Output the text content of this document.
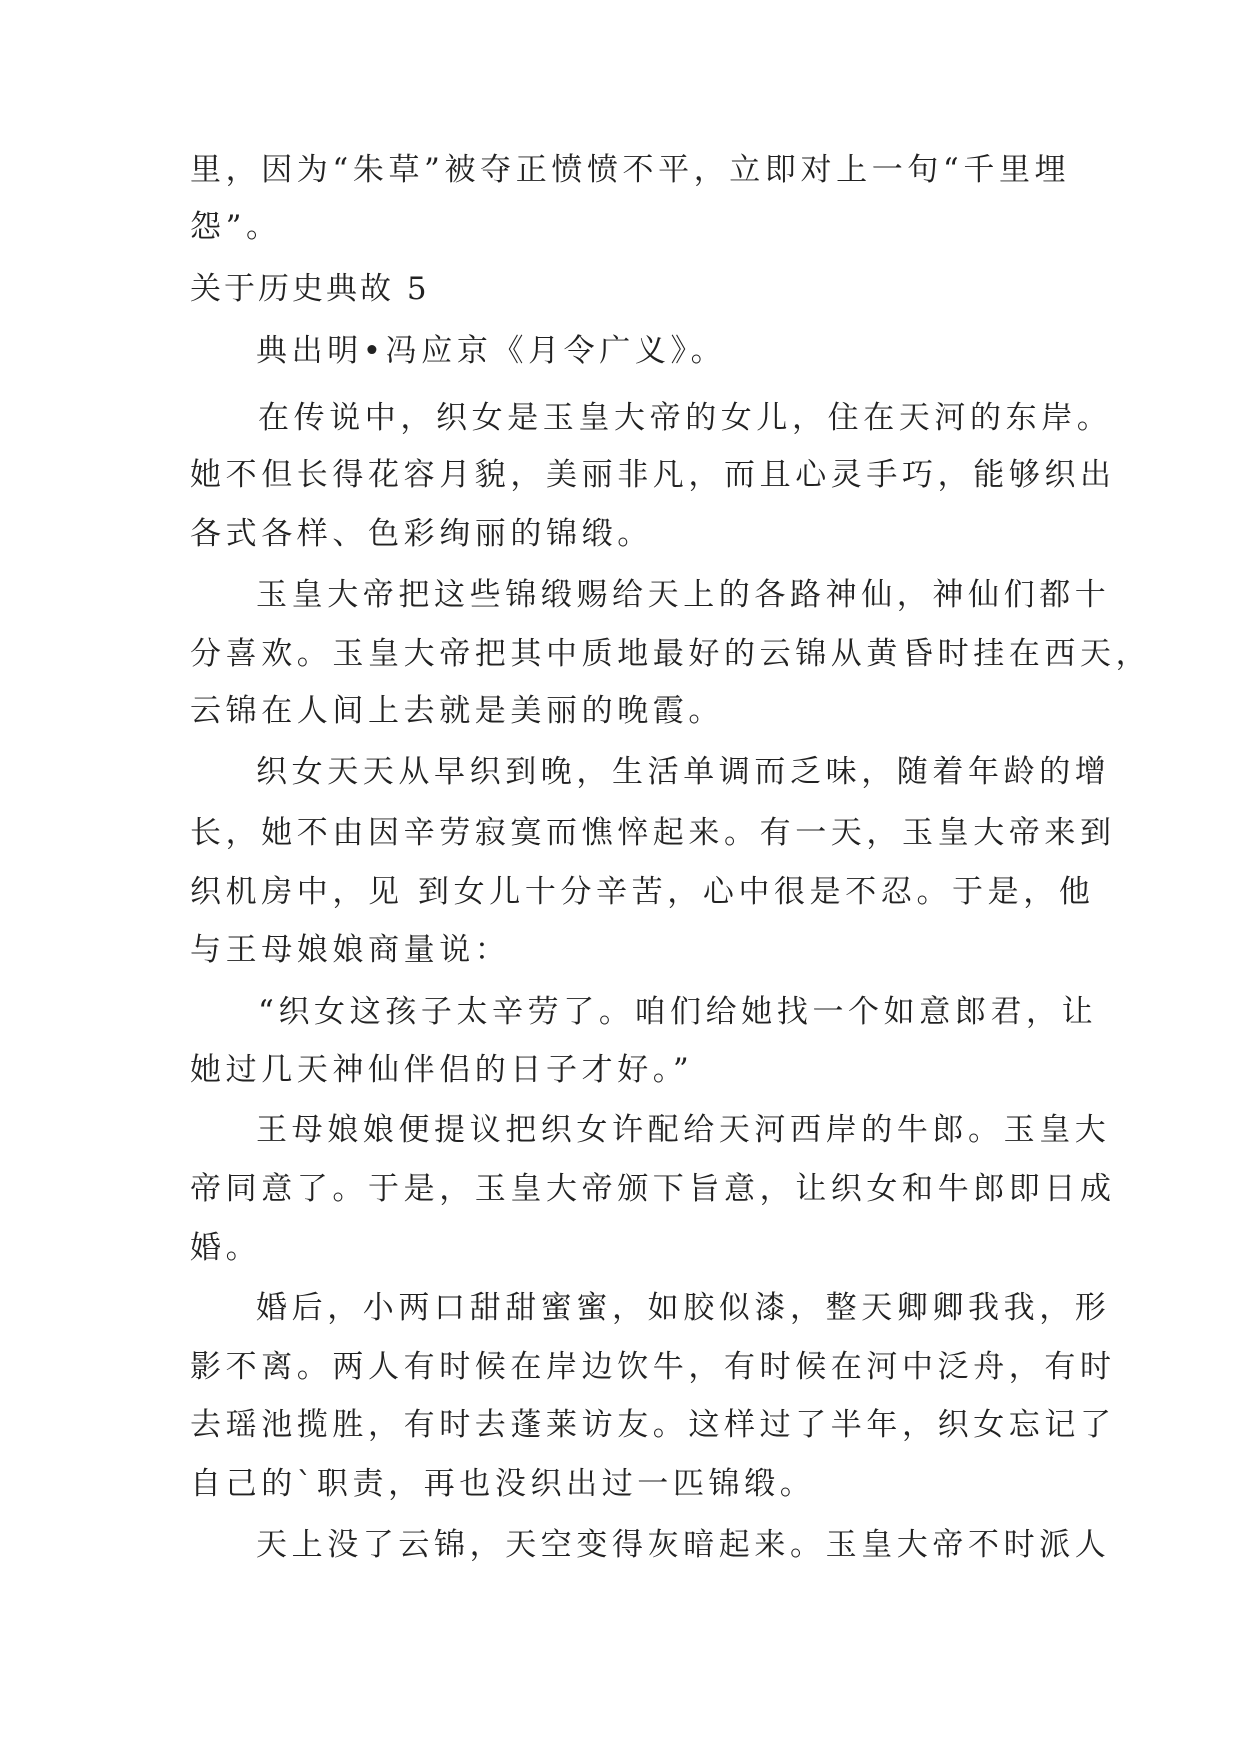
里，因为“朱草”被夺正愤愤不平，立即对上一句“千里埋
怨”。
关于历史典故 5
典出明•冯应京《月令广义》。
在传说中，织女是玉皇大帝的女儿，住在天河的东岸。
她不但长得花容月貌，美丽非凡，而且心灵手巧，能够织出
各式各样、色彩绚丽的锦缎。
玉皇大帝把这些锦缎赐给天上的各路神仙，神仙们都十
分喜欢。玉皇大帝把其中质地最好的云锦从黄昏时挂在西天，
云锦在人间上去就是美丽的晚霞。
织女天天从早织到晚，生活单调而乏味，随着年龄的增
长，她不由因辛劳寂寞而憔悴起来。有一天，玉皇大帝来到
织机房中，见 到女儿十分辛苦，心中很是不忍。于是，他
与王母娘娘商量说：
“织女这孩子太辛劳了。咱们给她找一个如意郎君，让
她过几天神仙伴侣的日子才好。”
王母娘娘便提议把织女许配给天河西岸的牛郎。玉皇大
帝同意了。于是，玉皇大帝颁下旨意，让织女和牛郎即日成
婚。
婚后，小两口甜甜蜜蜜，如胶似漆，整天卿卿我我，形
影不离。两人有时候在岸边饮牛，有时候在河中泛舟，有时
去瑶池揽胜，有时去蓬莱访友。这样过了半年，织女忘记了
自己的`职责，再也没织出过一匹锦缎。
天上没了云锦，天空变得灰暗起来。玉皇大帝不时派人
